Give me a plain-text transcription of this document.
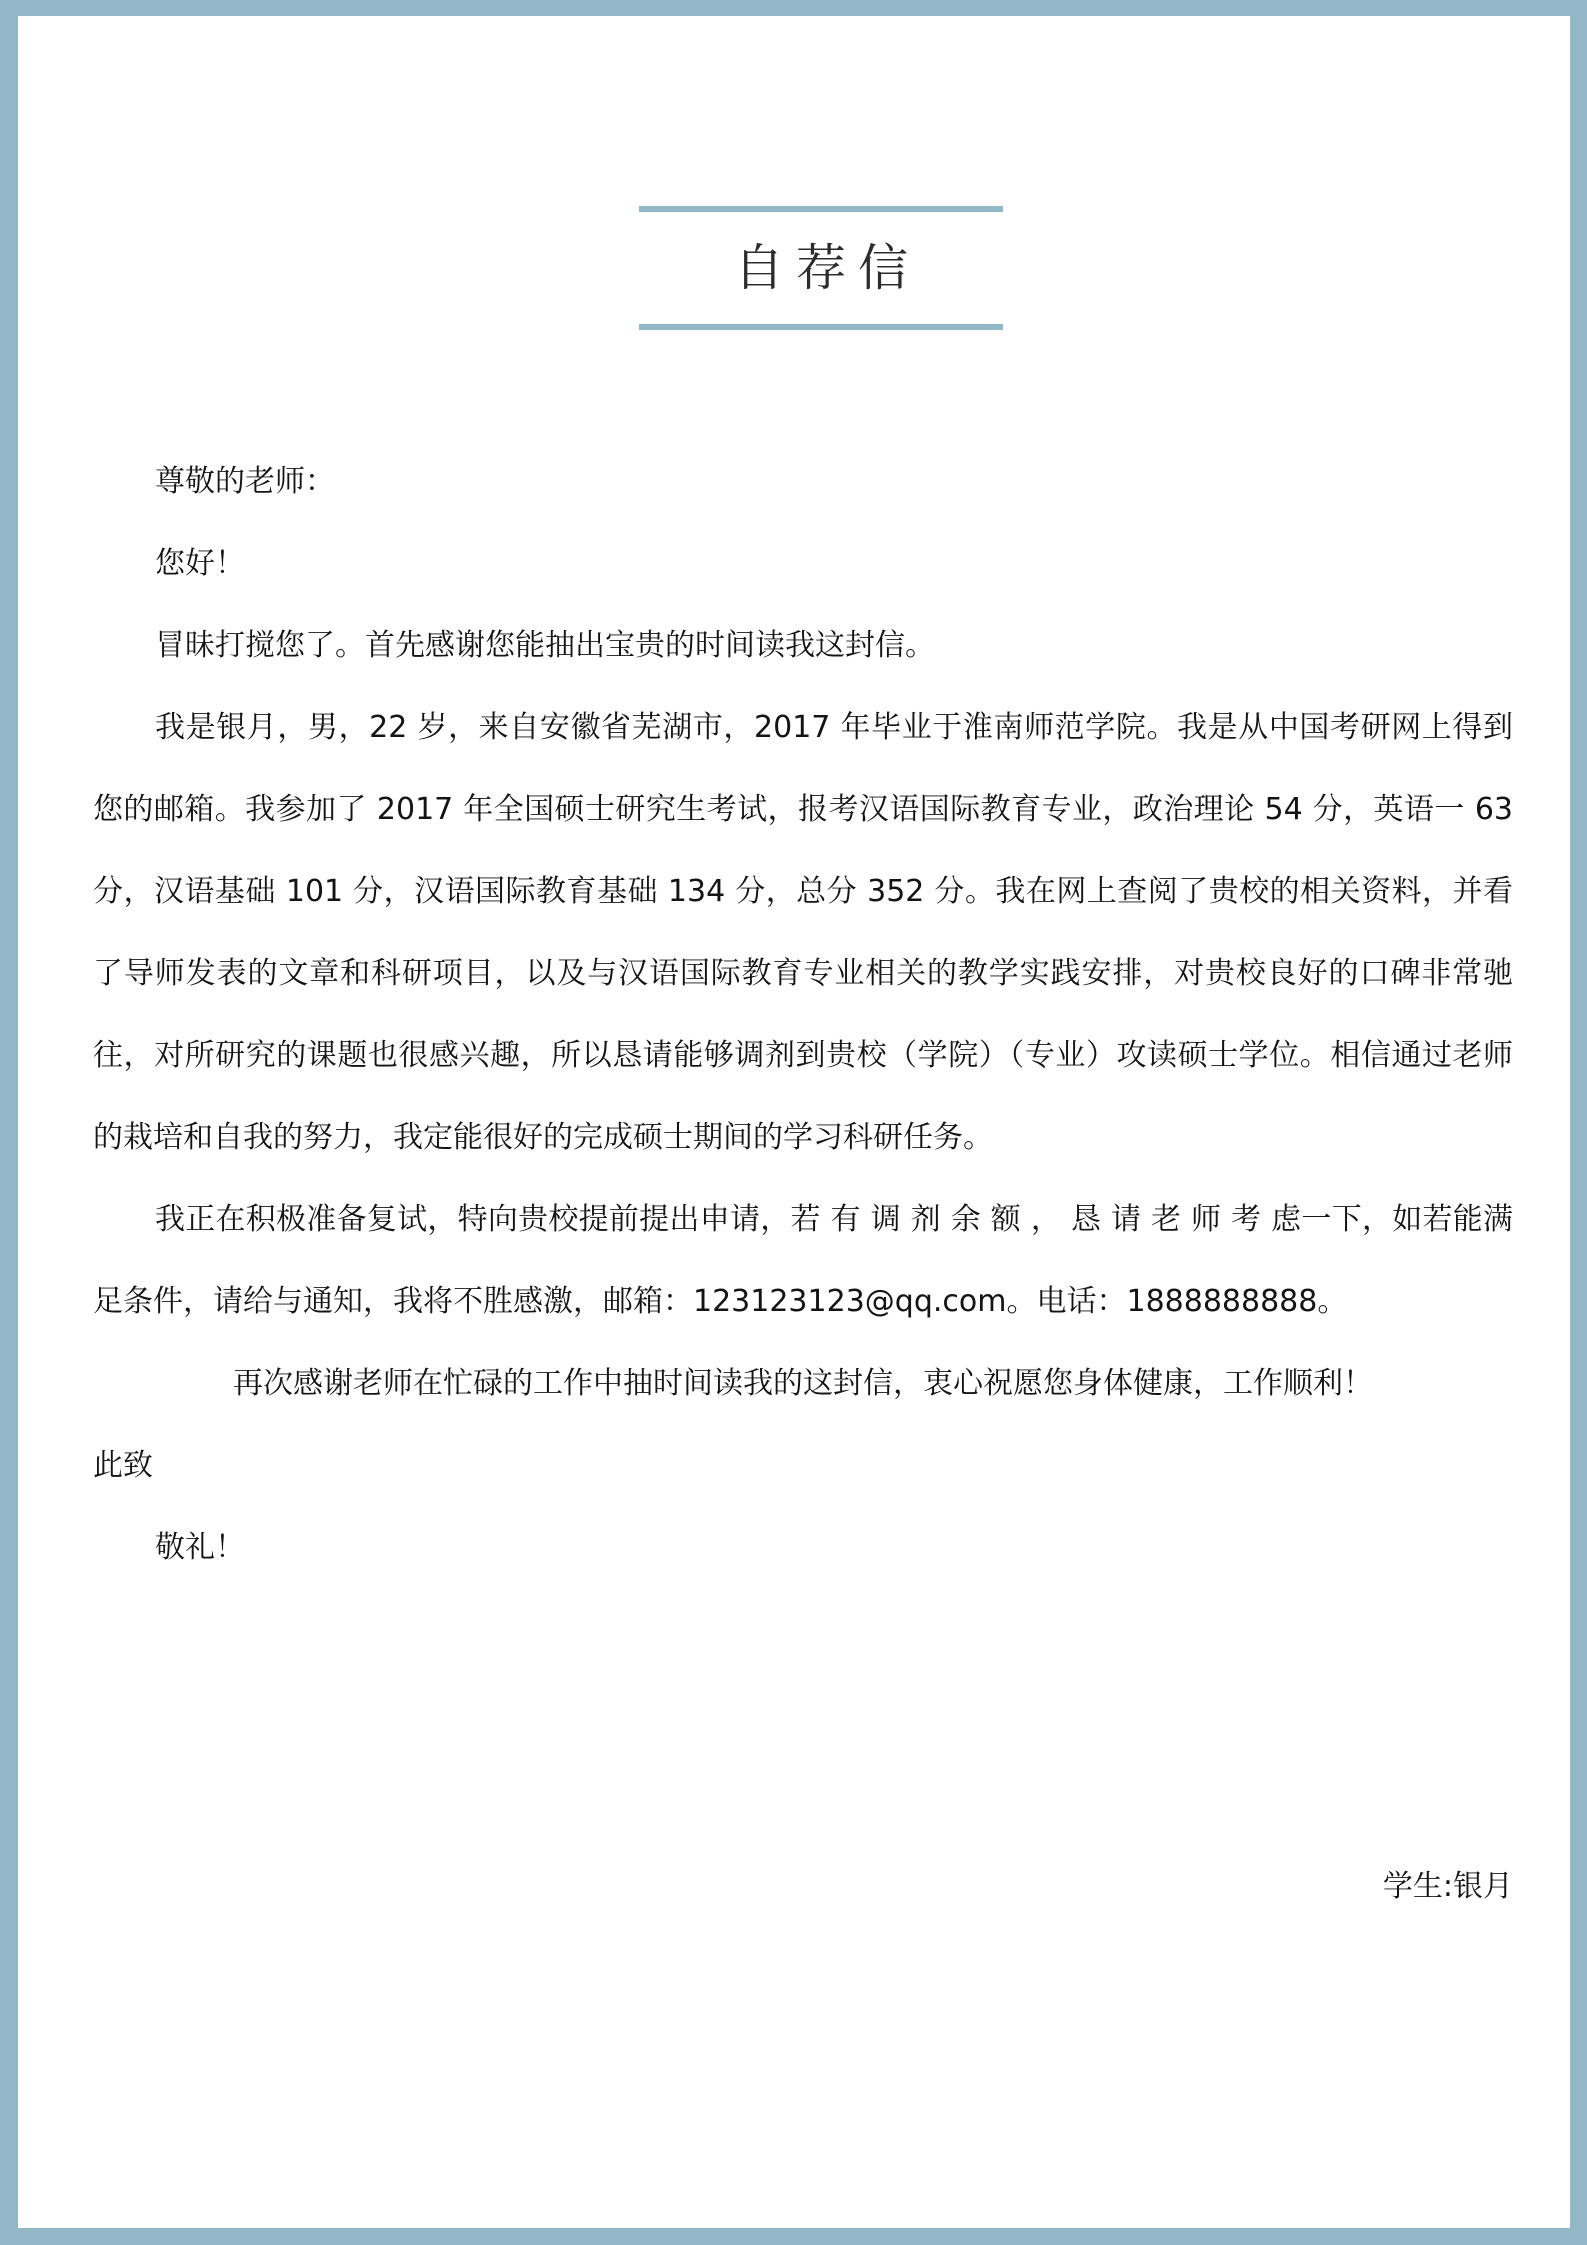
自荐信

尊敬的老师：

您好！

冒昧打搅您了。首先感谢您能抽出宝贵的时间读我这封信。

我是银月，男，22 岁，来自安徽省芜湖市，2017 年毕业于淮南师范学院。我是从中国考研网上得到您的邮箱。我参加了 2017 年全国硕士研究生考试，报考汉语国际教育专业，政治理论 54 分，英语一 63 分，汉语基础 101 分，汉语国际教育基础 134 分，总分 352 分。我在网上查阅了贵校的相关资料，并看了导师发表的文章和科研项目，以及与汉语国际教育专业相关的教学实践安排，对贵校良好的口碑非常驰往，对所研究的课题也很感兴趣，所以恳请能够调剂到贵校（学院）（专业）攻读硕士学位。相信通过老师的栽培和自我的努力，我定能很好的完成硕士期间的学习科研任务。

我正在积极准备复试，特向贵校提前提出申请，若 有 调 剂 余 额 ， 恳 请 老 师 考 虑一下，如若能满足条件，请给与通知，我将不胜感激，邮箱：123123123@qq.com。电话：1888888888。

再次感谢老师在忙碌的工作中抽时间读我的这封信，衷心祝愿您身体健康，工作顺利！

此致

敬礼！

学生:银月
